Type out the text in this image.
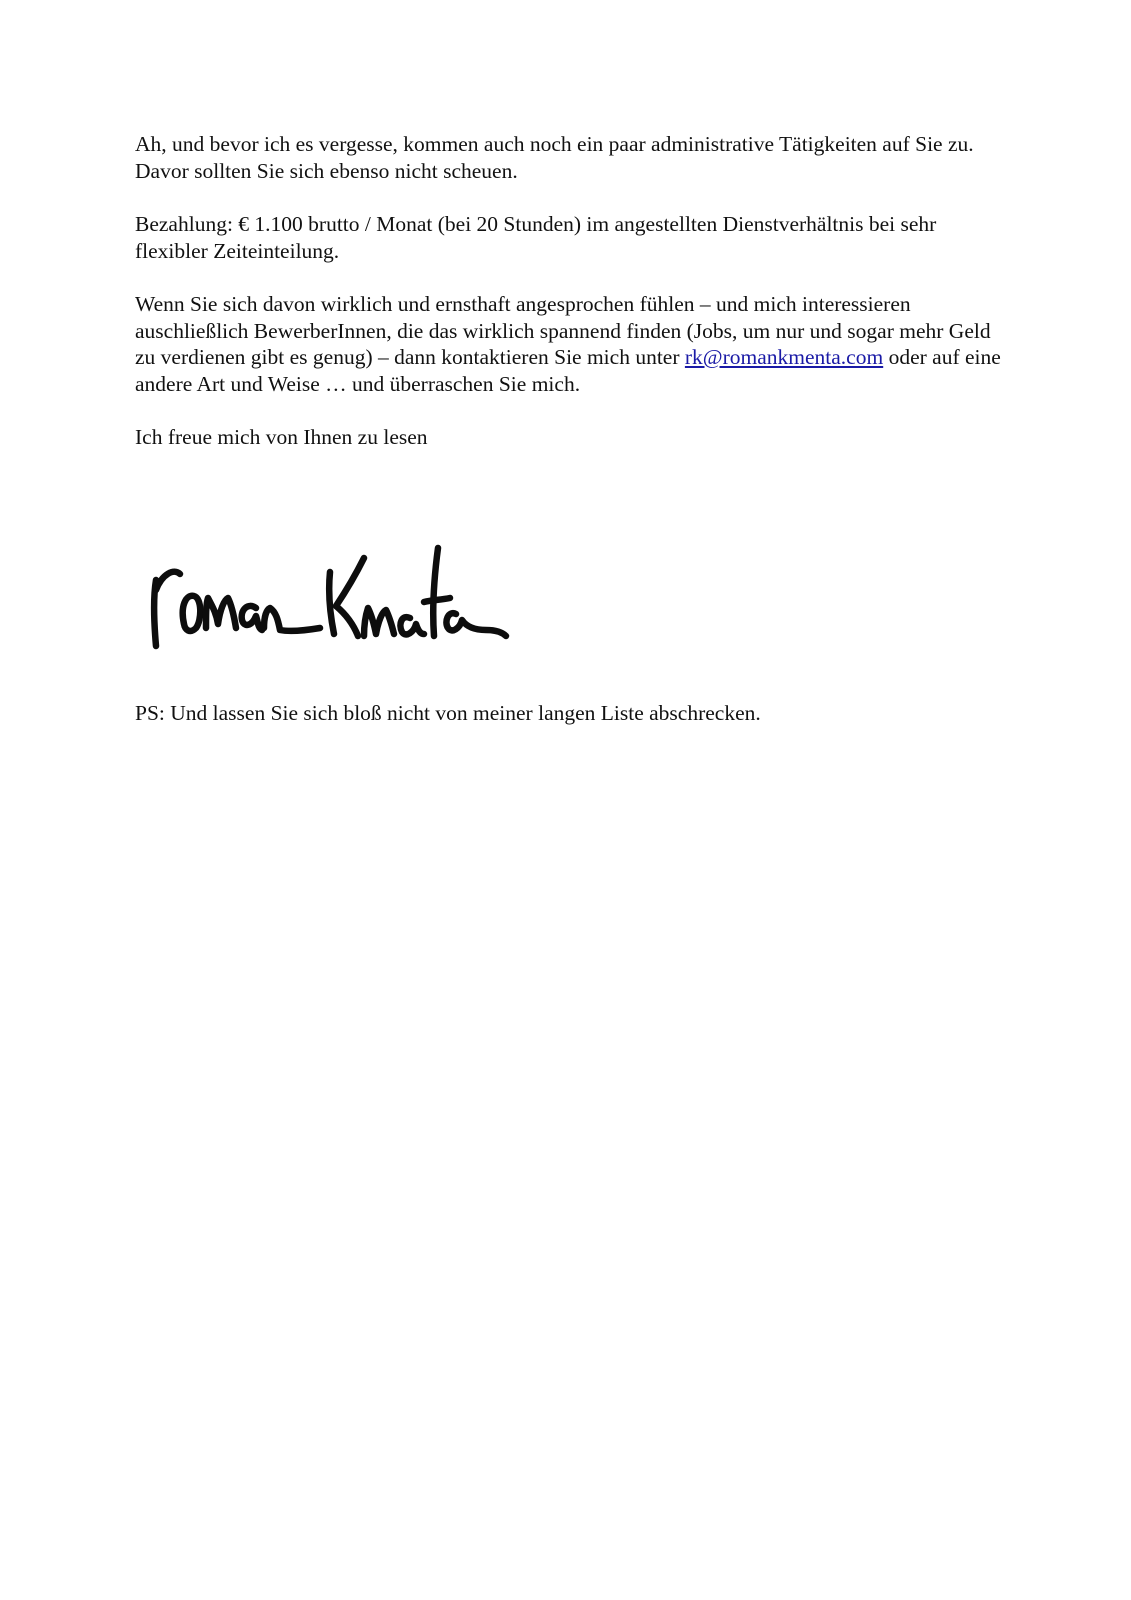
Ah, und bevor ich es vergesse, kommen auch noch ein paar administrative Tätigkeiten auf Sie zu. Davor sollten Sie sich ebenso nicht scheuen.

Bezahlung: € 1.100 brutto / Monat (bei 20 Stunden) im angestellten Dienstverhältnis bei sehr flexibler Zeiteinteilung.

Wenn Sie sich davon wirklich und ernsthaft angesprochen fühlen – und mich interessieren auschließlich BewerberInnen, die das wirklich spannend finden (Jobs, um nur und sogar mehr Geld zu verdienen gibt es genug) – dann kontaktieren Sie mich unter rk@romankmenta.com oder auf eine andere Art und Weise … und überraschen Sie mich.

Ich freue mich von Ihnen zu lesen

PS: Und lassen Sie sich bloß nicht von meiner langen Liste abschrecken.
